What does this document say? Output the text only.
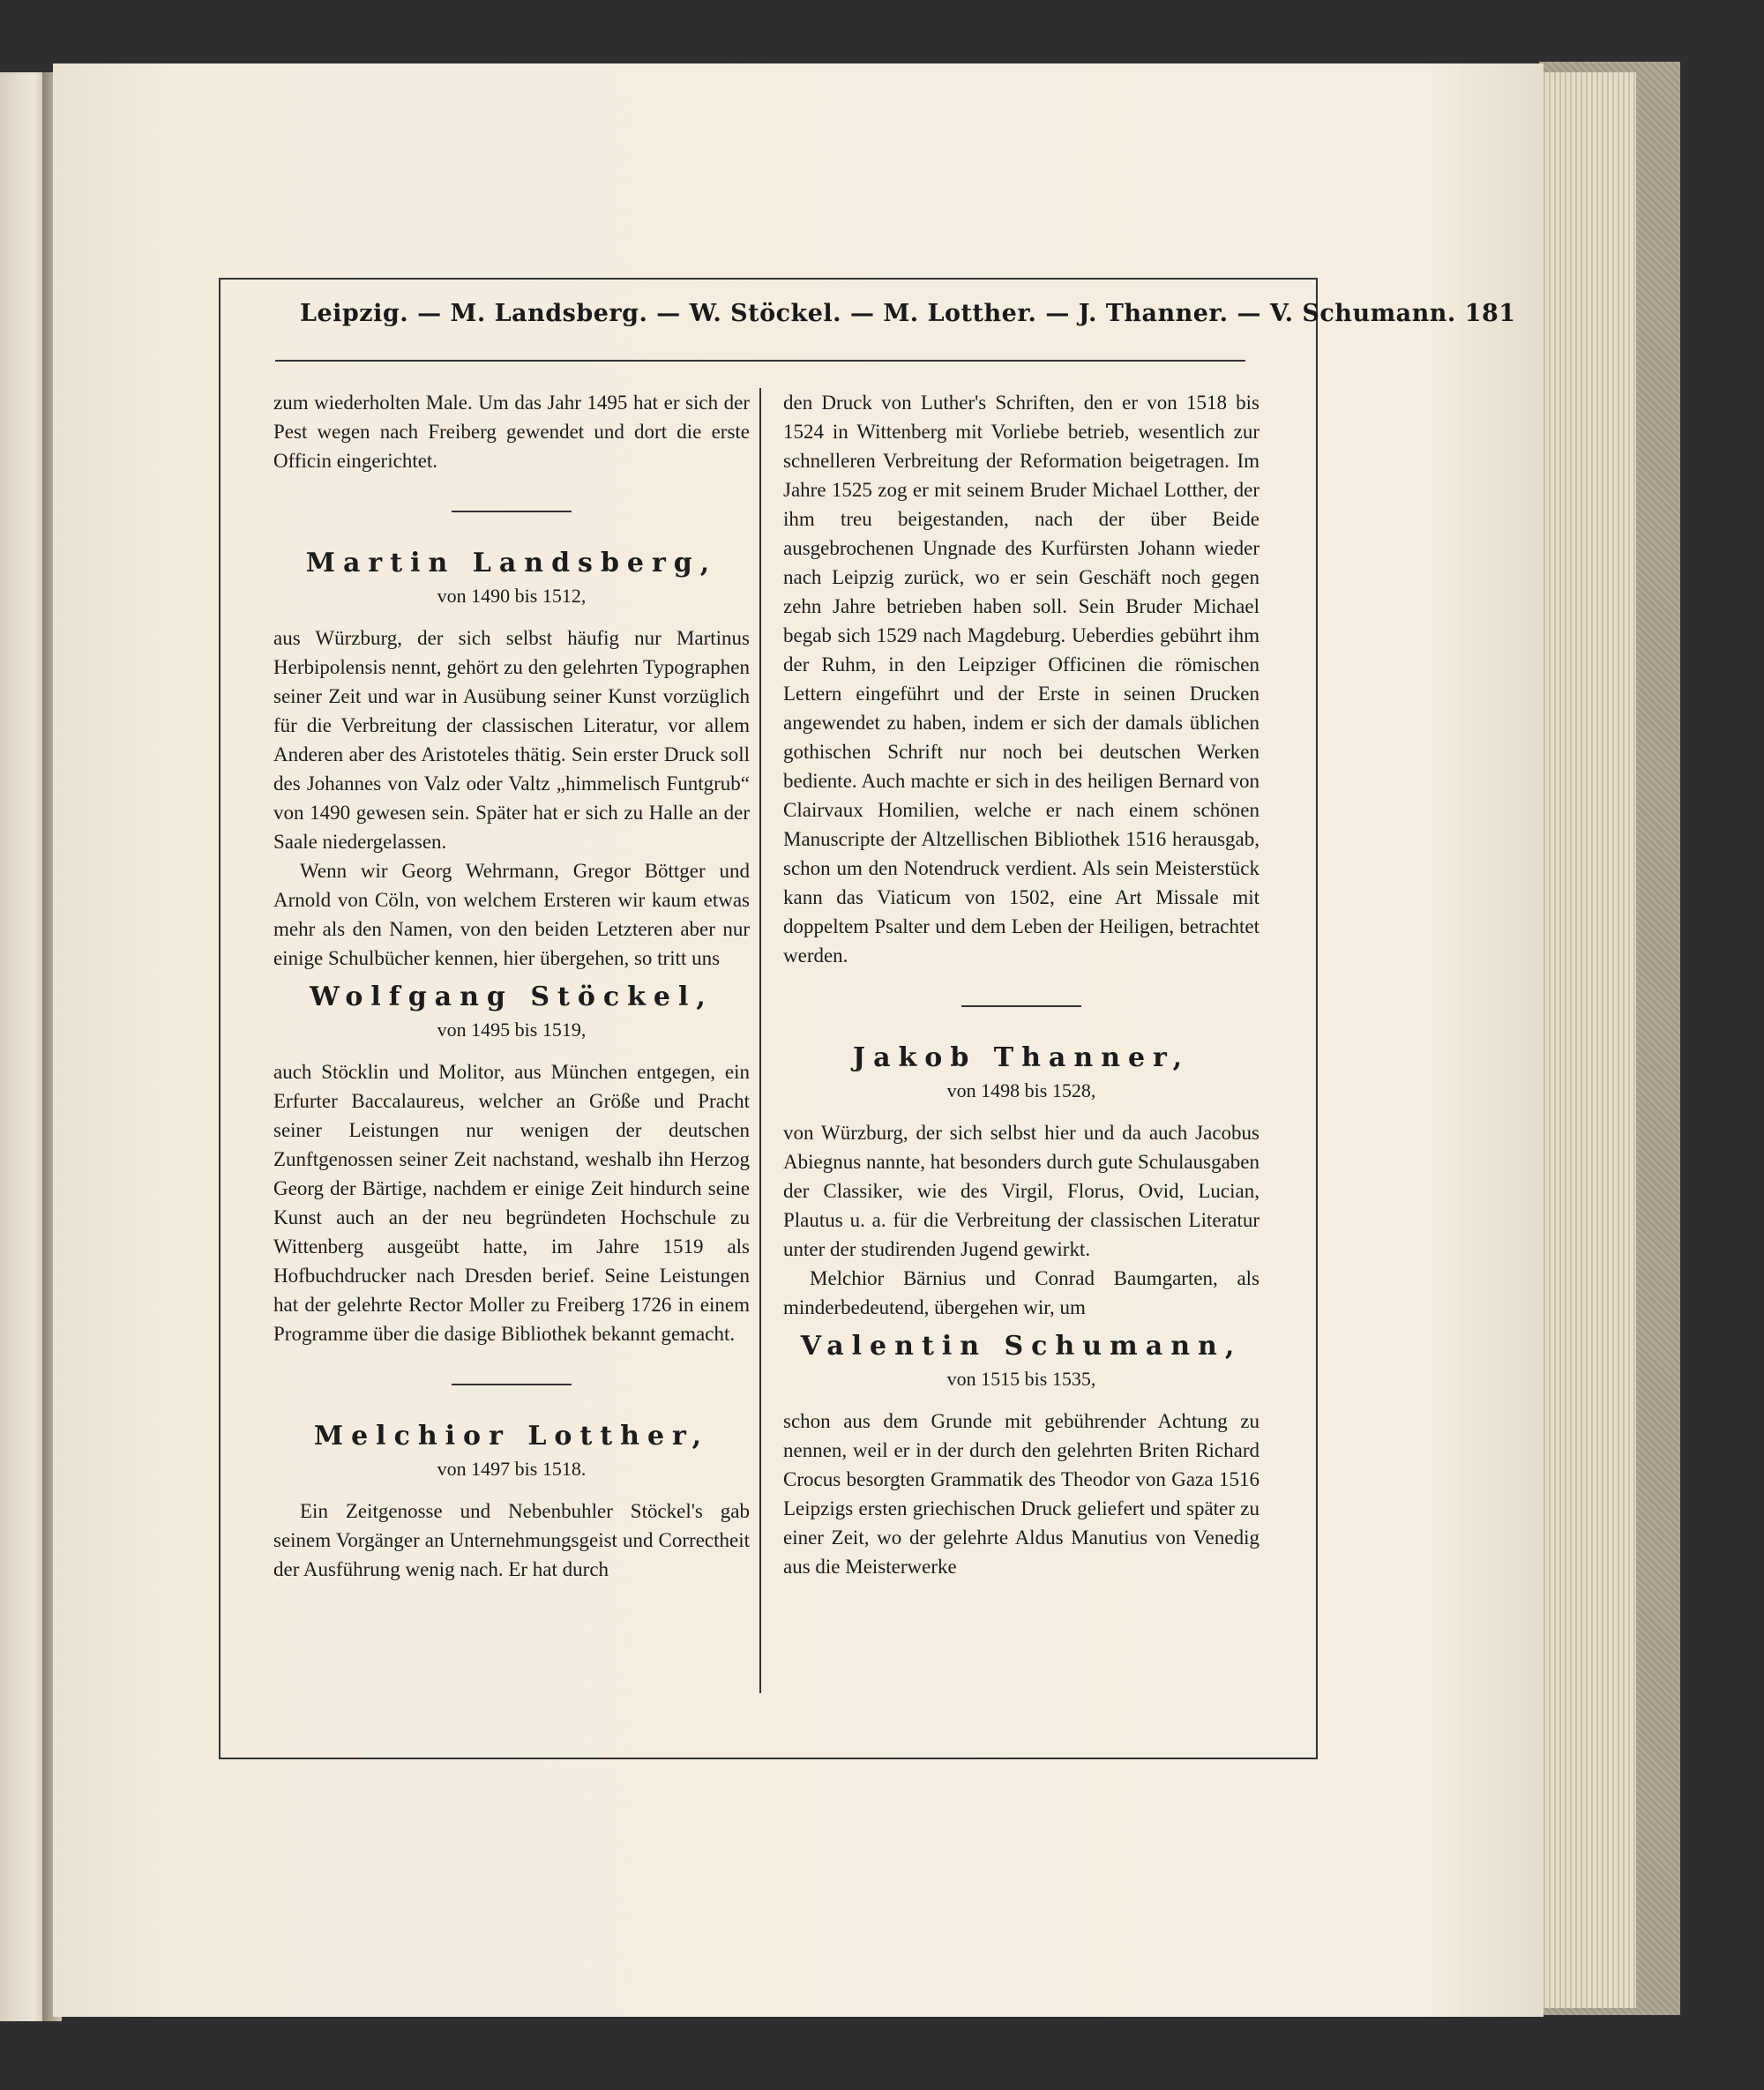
Leipzig. — M. Landsberg. — W. Stöckel. — M. Lotther. — J. Thanner. — V. Schumann. 181

zum wiederholten Male. Um das Jahr 1495 hat er sich der Pest wegen nach Freiberg gewendet und dort die erste Officin eingerichtet.

Martin Landsberg,
von 1490 bis 1512,

aus Würzburg, der sich selbst häufig nur Martinus Herbipolensis nennt, gehört zu den gelehrten Typographen seiner Zeit und war in Ausübung seiner Kunst vorzüglich für die Verbreitung der classischen Literatur, vor allem Anderen aber des Aristoteles thätig. Sein erster Druck soll des Johannes von Valz oder Valtz „himmelisch Funtgrub“ von 1490 gewesen sein. Später hat er sich zu Halle an der Saale niedergelassen.

Wenn wir Georg Wehrmann, Gregor Böttger und Arnold von Cöln, von welchem Ersteren wir kaum etwas mehr als den Namen, von den beiden Letzteren aber nur einige Schulbücher kennen, hier übergehen, so tritt uns

Wolfgang Stöckel,
von 1495 bis 1519,

auch Stöcklin und Molitor, aus München entgegen, ein Erfurter Baccalaureus, welcher an Größe und Pracht seiner Leistungen nur wenigen der deutschen Zunftgenossen seiner Zeit nachstand, weshalb ihn Herzog Georg der Bärtige, nachdem er einige Zeit hindurch seine Kunst auch an der neu begründeten Hochschule zu Wittenberg ausgeübt hatte, im Jahre 1519 als Hofbuchdrucker nach Dresden berief. Seine Leistungen hat der gelehrte Rector Moller zu Freiberg 1726 in einem Programme über die dasige Bibliothek bekannt gemacht.

Melchior Lotther,
von 1497 bis 1518.

Ein Zeitgenosse und Nebenbuhler Stöckel's gab seinem Vorgänger an Unternehmungsgeist und Correctheit der Ausführung wenig nach. Er hat durch

den Druck von Luther's Schriften, den er von 1518 bis 1524 in Wittenberg mit Vorliebe betrieb, wesentlich zur schnelleren Verbreitung der Reformation beigetragen. Im Jahre 1525 zog er mit seinem Bruder Michael Lotther, der ihm treu beigestanden, nach der über Beide ausgebrochenen Ungnade des Kurfürsten Johann wieder nach Leipzig zurück, wo er sein Geschäft noch gegen zehn Jahre betrieben haben soll. Sein Bruder Michael begab sich 1529 nach Magdeburg. Ueberdies gebührt ihm der Ruhm, in den Leipziger Officinen die römischen Lettern eingeführt und der Erste in seinen Drucken angewendet zu haben, indem er sich der damals üblichen gothischen Schrift nur noch bei deutschen Werken bediente. Auch machte er sich in des heiligen Bernard von Clairvaux Homilien, welche er nach einem schönen Manuscripte der Altzellischen Bibliothek 1516 herausgab, schon um den Notendruck verdient. Als sein Meisterstück kann das Viaticum von 1502, eine Art Missale mit doppeltem Psalter und dem Leben der Heiligen, betrachtet werden.

Jakob Thanner,
von 1498 bis 1528,

von Würzburg, der sich selbst hier und da auch Jacobus Abiegnus nannte, hat besonders durch gute Schulausgaben der Classiker, wie des Virgil, Florus, Ovid, Lucian, Plautus u. a. für die Verbreitung der classischen Literatur unter der studirenden Jugend gewirkt.

Melchior Bärnius und Conrad Baumgarten, als minderbedeutend, übergehen wir, um

Valentin Schumann,
von 1515 bis 1535,

schon aus dem Grunde mit gebührender Achtung zu nennen, weil er in der durch den gelehrten Briten Richard Crocus besorgten Grammatik des Theodor von Gaza 1516 Leipzigs ersten griechischen Druck geliefert und später zu einer Zeit, wo der gelehrte Aldus Manutius von Venedig aus die Meisterwerke
